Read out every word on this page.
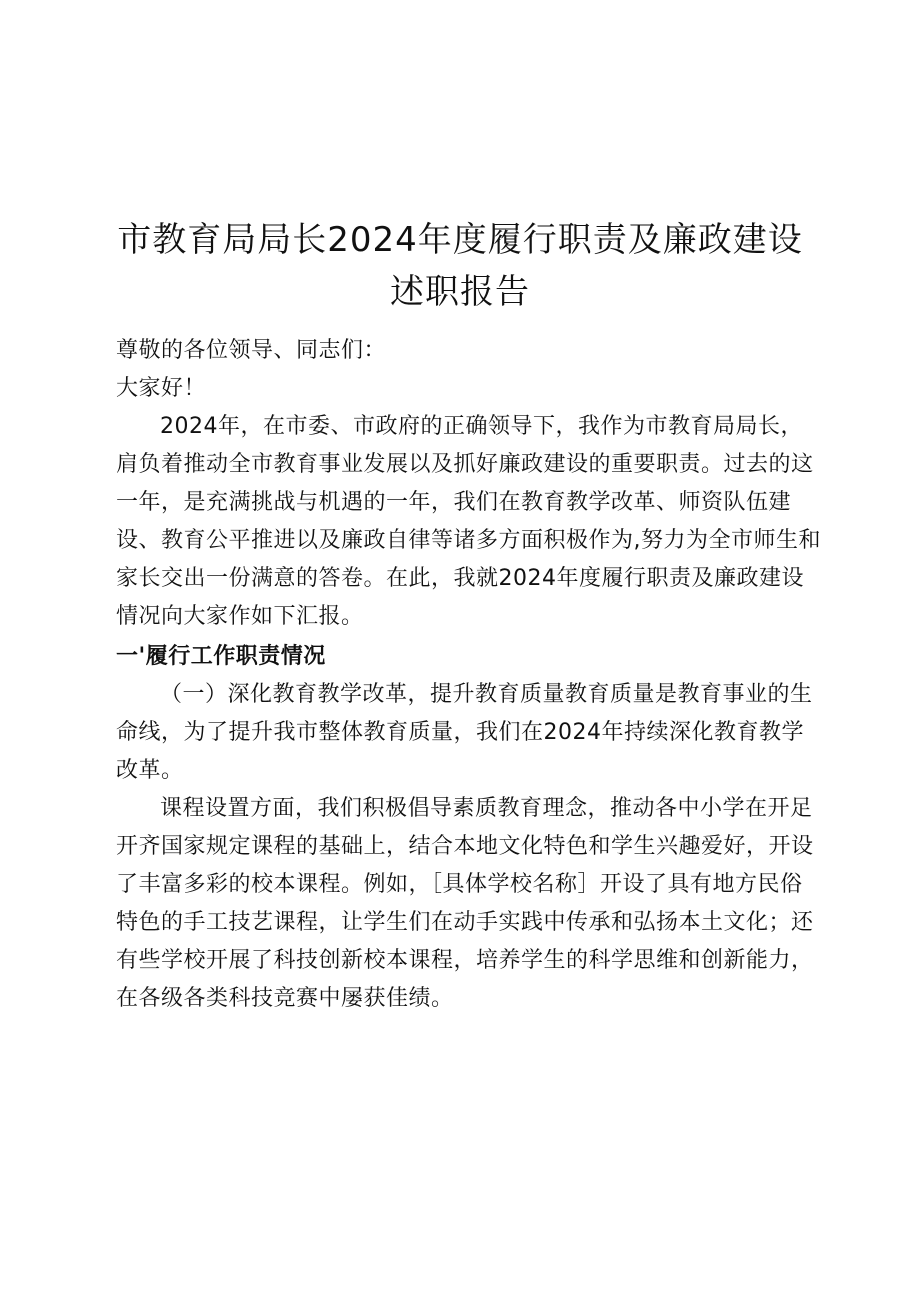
市教育局局长2024年度履行职责及廉政建设述职报告

尊敬的各位领导、同志们：

大家好！

2024年，在市委、市政府的正确领导下，我作为市教育局局长，肩负着推动全市教育事业发展以及抓好廉政建设的重要职责。过去的这一年，是充满挑战与机遇的一年，我们在教育教学改革、师资队伍建设、教育公平推进以及廉政自律等诸多方面积极作为,努力为全市师生和家长交出一份满意的答卷。在此，我就2024年度履行职责及廉政建设情况向大家作如下汇报。

一'履行工作职责情况

（一）深化教育教学改革，提升教育质量教育质量是教育事业的生命线，为了提升我市整体教育质量，我们在2024年持续深化教育教学改革。

课程设置方面，我们积极倡导素质教育理念，推动各中小学在开足开齐国家规定课程的基础上，结合本地文化特色和学生兴趣爱好，开设了丰富多彩的校本课程。例如，［具体学校名称］开设了具有地方民俗特色的手工技艺课程，让学生们在动手实践中传承和弘扬本土文化；还有些学校开展了科技创新校本课程，培养学生的科学思维和创新能力，在各级各类科技竞赛中屡获佳绩。
